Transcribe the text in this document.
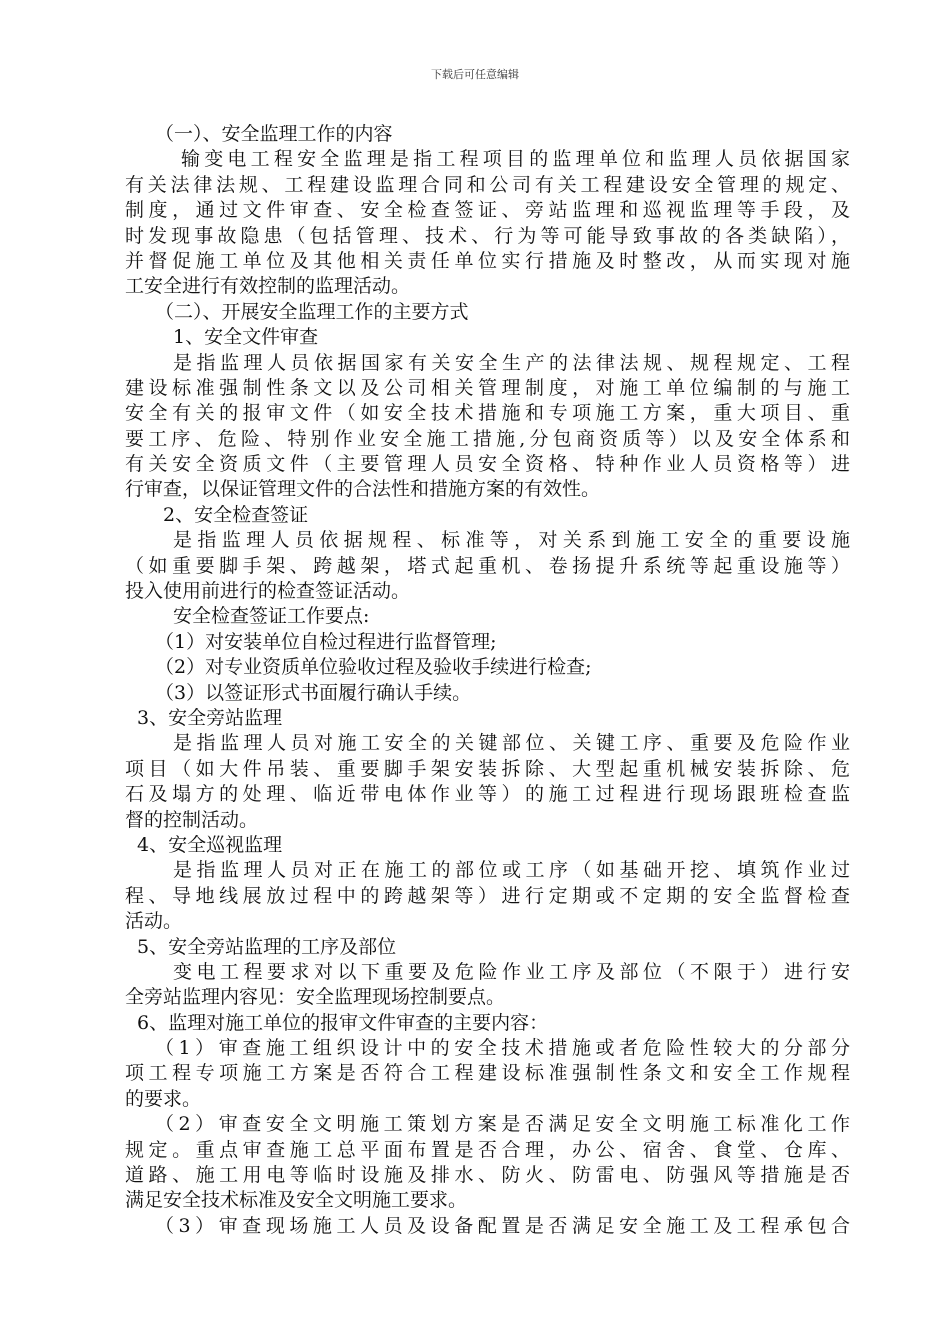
下载后可任意编辑
（一）、安全监理工作的内容
输变电工程安全监理是指工程项目的监理单位和监理人员依据国家
有关法律法规、工程建设监理合同和公司有关工程建设安全管理的规定、
制度，通过文件审查、安全检查签证、旁站监理和巡视监理等手段，及
时发现事故隐患（包括管理、技术、行为等可能导致事故的各类缺陷），
并督促施工单位及其他相关责任单位实行措施及时整改，从而实现对施
工安全进行有效控制的监理活动。
（二）、开展安全监理工作的主要方式
1、安全文件审查
是指监理人员依据国家有关安全生产的法律法规、规程规定、工程
建设标准强制性条文以及公司相关管理制度，对施工单位编制的与施工
安全有关的报审文件（如安全技术措施和专项施工方案，重大项目、重
要工序、危险、特别作业安全施工措施,分包商资质等）以及安全体系和
有关安全资质文件（主要管理人员安全资格、特种作业人员资格等）进
行审查，以保证管理文件的合法性和措施方案的有效性。
2、安全检查签证
是指监理人员依据规程、标准等，对关系到施工安全的重要设施
（如重要脚手架、跨越架，塔式起重机、卷扬提升系统等起重设施等）
投入使用前进行的检查签证活动。
安全检查签证工作要点:
（1）对安装单位自检过程进行监督管理;
（2）对专业资质单位验收过程及验收手续进行检查;
（3）以签证形式书面履行确认手续。
3、安全旁站监理
是指监理人员对施工安全的关键部位、关键工序、重要及危险作业
项目（如大件吊装、重要脚手架安装拆除、大型起重机械安装拆除、危
石及塌方的处理、临近带电体作业等）的施工过程进行现场跟班检查监
督的控制活动。
4、安全巡视监理
是指监理人员对正在施工的部位或工序（如基础开挖、填筑作业过
程、导地线展放过程中的跨越架等）进行定期或不定期的安全监督检查
活动。
5、安全旁站监理的工序及部位
变电工程要求对以下重要及危险作业工序及部位（不限于）进行安
全旁站监理内容见：安全监理现场控制要点。
6、监理对施工单位的报审文件审查的主要内容：
（1）审查施工组织设计中的安全技术措施或者危险性较大的分部分
项工程专项施工方案是否符合工程建设标准强制性条文和安全工作规程
的要求。
（2）审查安全文明施工策划方案是否满足安全文明施工标准化工作
规定。重点审查施工总平面布置是否合理，办公、宿舍、食堂、仓库、
道路、施工用电等临时设施及排水、防火、防雷电、防强风等措施是否
满足安全技术标准及安全文明施工要求。
（3）审查现场施工人员及设备配置是否满足安全施工及工程承包合
